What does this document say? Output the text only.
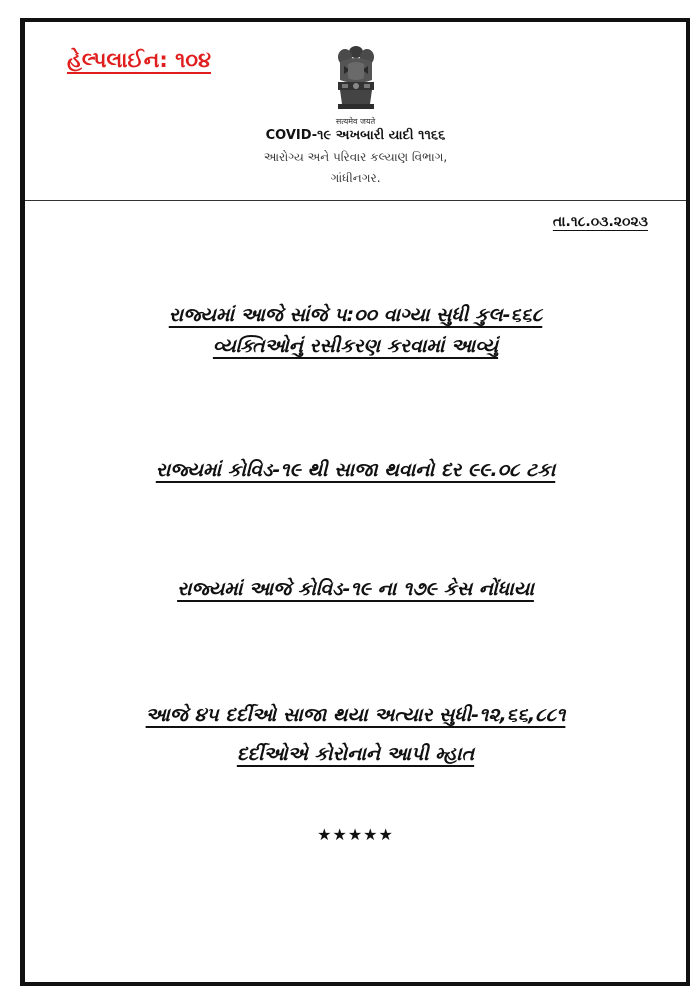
હેલ્પલાઈન: ૧૦૪
सत्यमेव जयते
COVID-૧૯ અખબારી યાદી ૧૧૬૬
આરોગ્ય અને પરિવાર કલ્યાણ વિભાગ,
ગાંધીનગર.
તા.૧૮.૦૩.૨૦૨૩
રાજ્યમાં આજે સાંજે ૫:૦૦ વાગ્યા સુધી કુલ-૬૬૮
વ્યક્તિઓનું રસીકરણ કરવામાં આવ્યું
રાજ્યમાં કોવિડ-૧૯ થી સાજા થવાનો દર ૯૯.૦૮ ટકા
રાજ્યમાં આજે કોવિડ-૧૯ ના ૧૭૯ કેસ નોંધાયા
આજે ૪૫ દર્દીઓ સાજા થયા અત્યાર સુધી-૧૨,૬૬,૮૮૧
દર્દીઓએ કોરોનાને આપી મ્હાત
★★★★★
